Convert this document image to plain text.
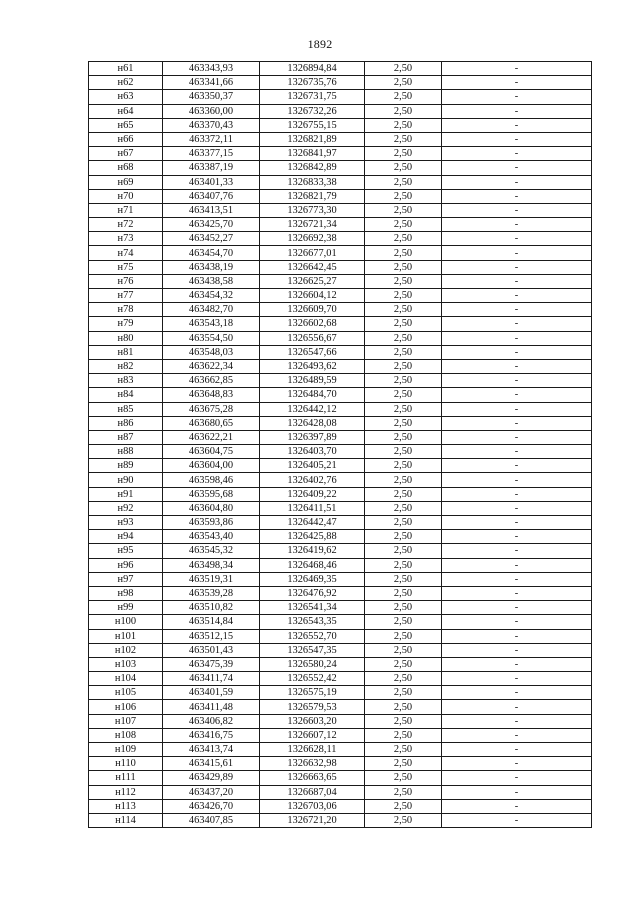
1892
н61	463343,93	1326894,84	2,50	-
н62	463341,66	1326735,76	2,50	-
н63	463350,37	1326731,75	2,50	-
н64	463360,00	1326732,26	2,50	-
н65	463370,43	1326755,15	2,50	-
н66	463372,11	1326821,89	2,50	-
н67	463377,15	1326841,97	2,50	-
н68	463387,19	1326842,89	2,50	-
н69	463401,33	1326833,38	2,50	-
н70	463407,76	1326821,79	2,50	-
н71	463413,51	1326773,30	2,50	-
н72	463425,70	1326721,34	2,50	-
н73	463452,27	1326692,38	2,50	-
н74	463454,70	1326677,01	2,50	-
н75	463438,19	1326642,45	2,50	-
н76	463438,58	1326625,27	2,50	-
н77	463454,32	1326604,12	2,50	-
н78	463482,70	1326609,70	2,50	-
н79	463543,18	1326602,68	2,50	-
н80	463554,50	1326556,67	2,50	-
н81	463548,03	1326547,66	2,50	-
н82	463622,34	1326493,62	2,50	-
н83	463662,85	1326489,59	2,50	-
н84	463648,83	1326484,70	2,50	-
н85	463675,28	1326442,12	2,50	-
н86	463680,65	1326428,08	2,50	-
н87	463622,21	1326397,89	2,50	-
н88	463604,75	1326403,70	2,50	-
н89	463604,00	1326405,21	2,50	-
н90	463598,46	1326402,76	2,50	-
н91	463595,68	1326409,22	2,50	-
н92	463604,80	1326411,51	2,50	-
н93	463593,86	1326442,47	2,50	-
н94	463543,40	1326425,88	2,50	-
н95	463545,32	1326419,62	2,50	-
н96	463498,34	1326468,46	2,50	-
н97	463519,31	1326469,35	2,50	-
н98	463539,28	1326476,92	2,50	-
н99	463510,82	1326541,34	2,50	-
н100	463514,84	1326543,35	2,50	-
н101	463512,15	1326552,70	2,50	-
н102	463501,43	1326547,35	2,50	-
н103	463475,39	1326580,24	2,50	-
н104	463411,74	1326552,42	2,50	-
н105	463401,59	1326575,19	2,50	-
н106	463411,48	1326579,53	2,50	-
н107	463406,82	1326603,20	2,50	-
н108	463416,75	1326607,12	2,50	-
н109	463413,74	1326628,11	2,50	-
н110	463415,61	1326632,98	2,50	-
н111	463429,89	1326663,65	2,50	-
н112	463437,20	1326687,04	2,50	-
н113	463426,70	1326703,06	2,50	-
н114	463407,85	1326721,20	2,50	-
